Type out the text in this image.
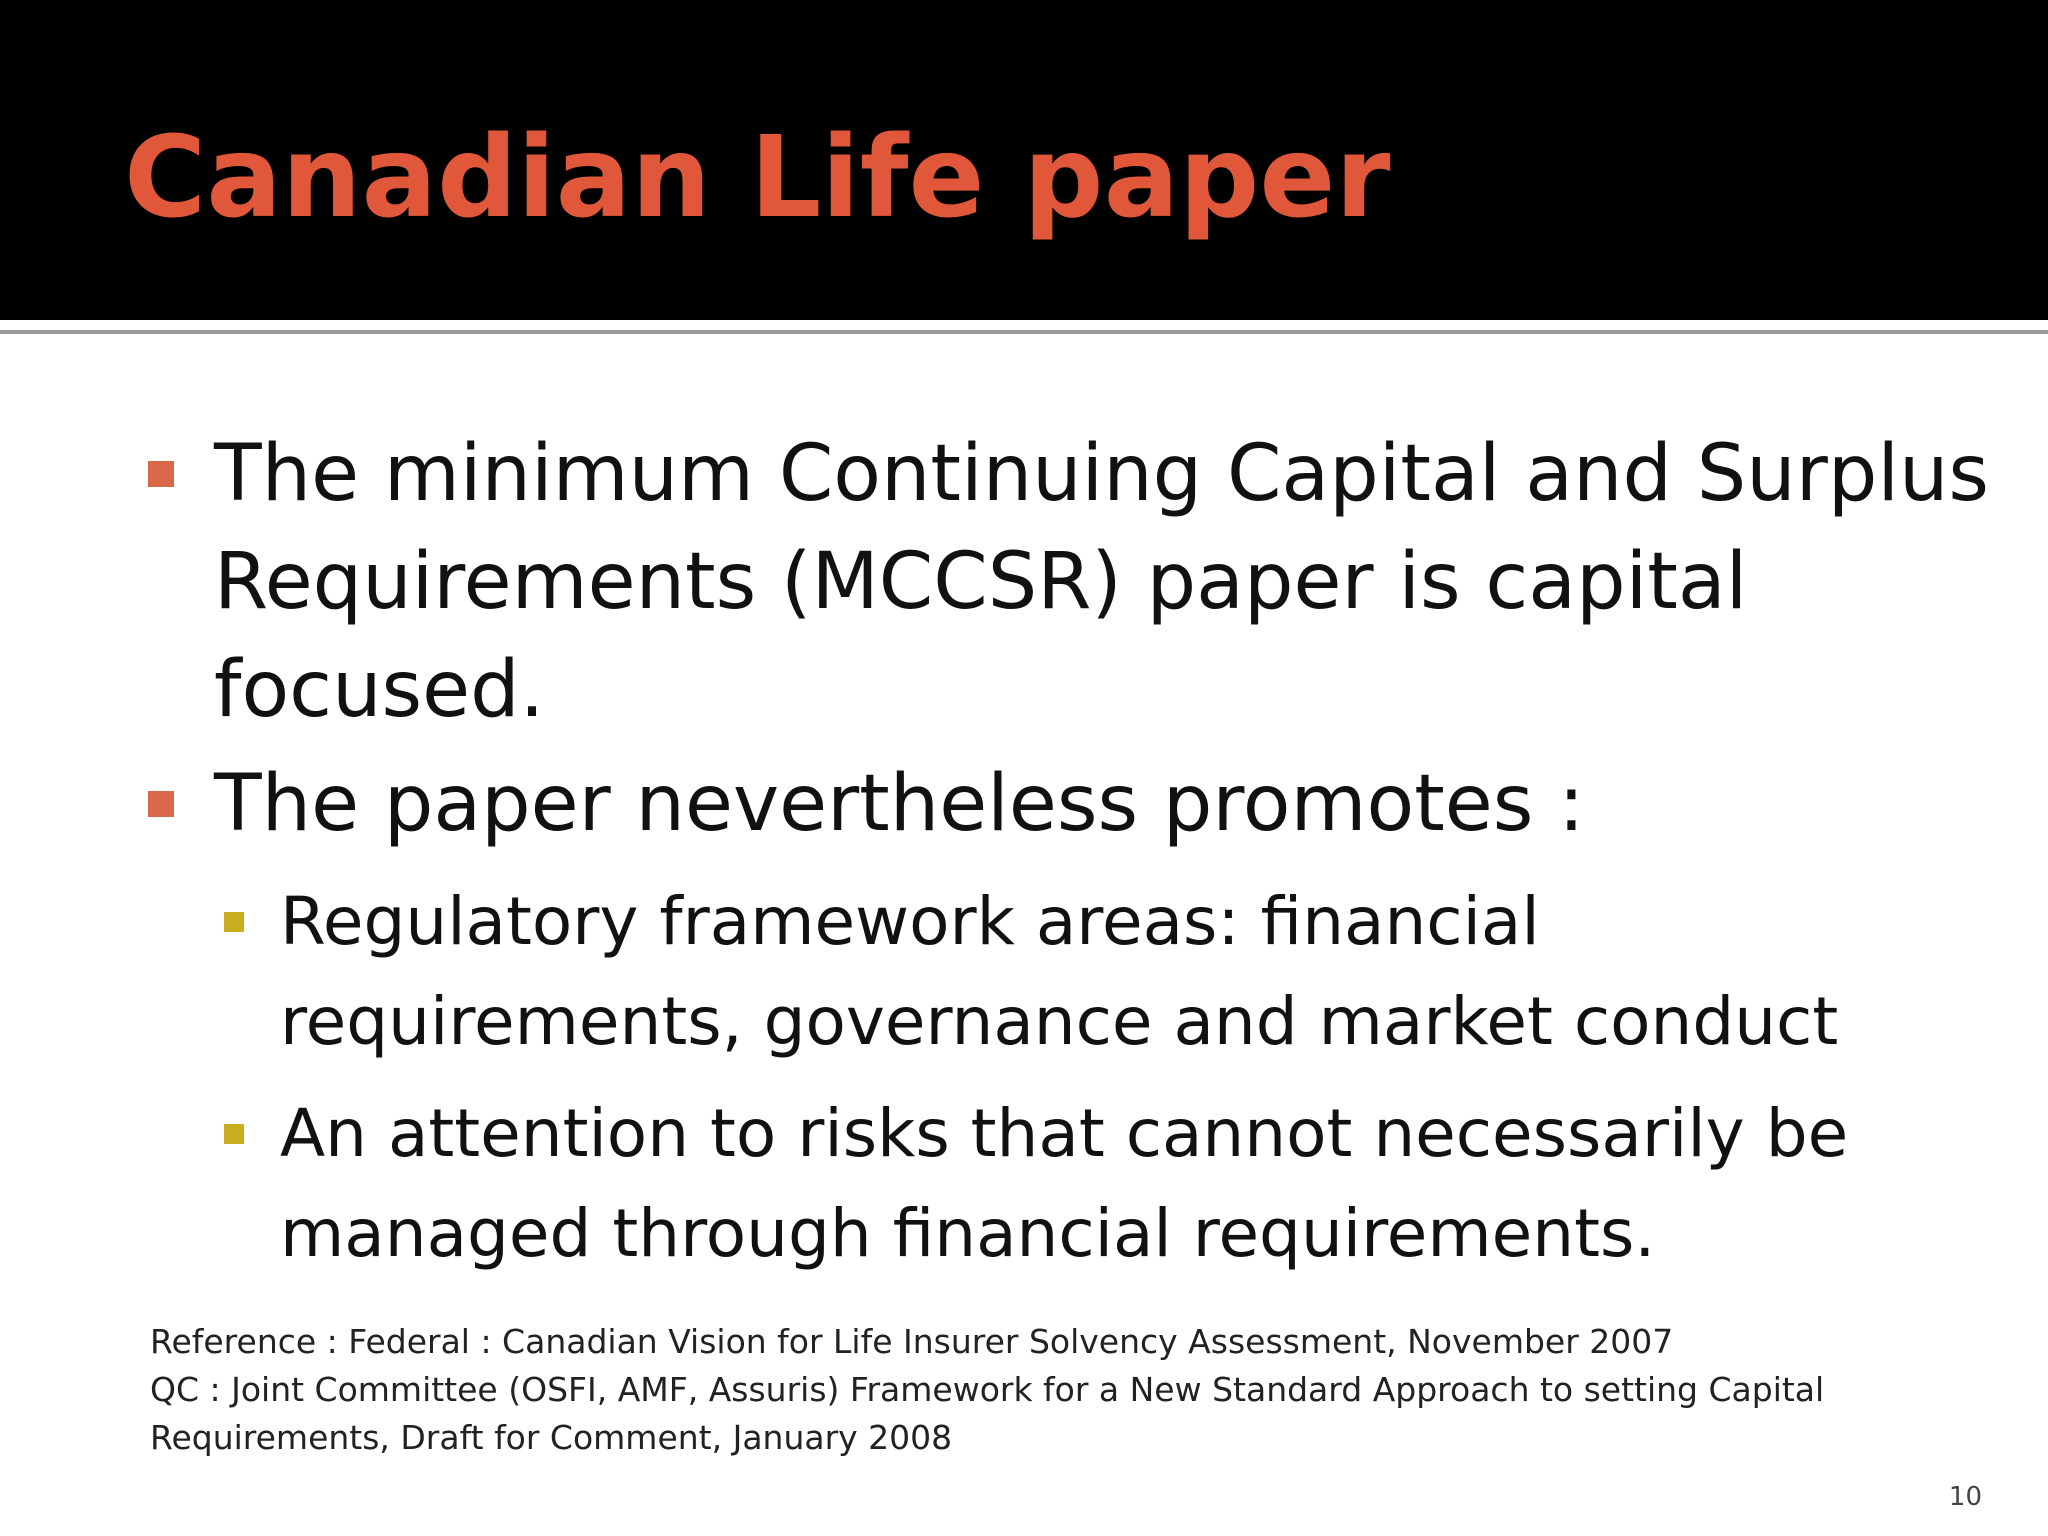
Canadian Life paper
The minimum Continuing Capital and Surplus
Requirements (MCCSR) paper is capital
focused.
The paper nevertheless promotes :
Regulatory framework areas: financial
requirements, governance and market conduct
An attention to risks that cannot necessarily be
managed through financial requirements.
Reference : Federal : Canadian Vision for Life Insurer Solvency Assessment, November 2007
QC : Joint Committee (OSFI, AMF, Assuris) Framework for a New Standard Approach to setting Capital
Requirements, Draft for Comment, January 2008
10
